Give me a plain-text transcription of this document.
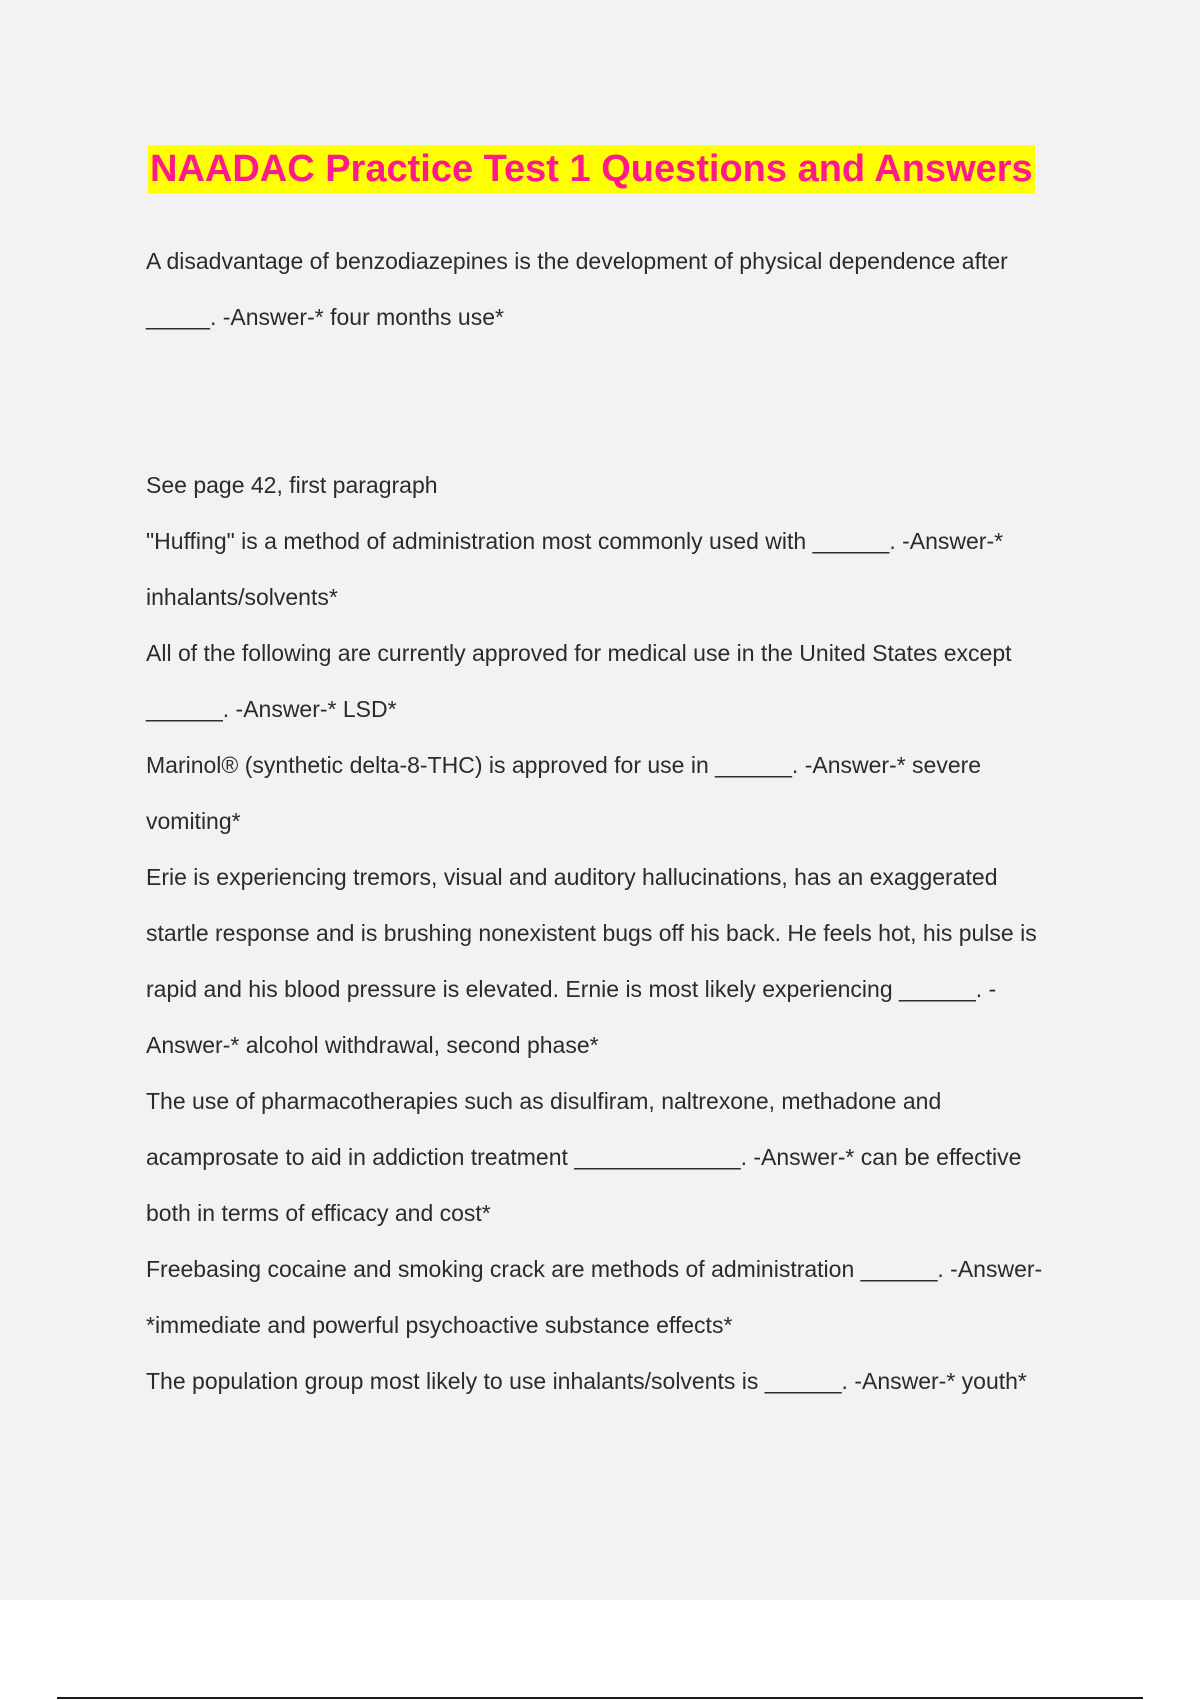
NAADAC Practice Test 1 Questions and Answers
A disadvantage of benzodiazepines is the development of physical dependence after
_____. -Answer-* four months use*
See page 42, first paragraph
"Huffing" is a method of administration most commonly used with ______. -Answer-*
inhalants/solvents*
All of the following are currently approved for medical use in the United States except
______. -Answer-* LSD*
Marinol® (synthetic delta-8-THC) is approved for use in ______. -Answer-* severe
vomiting*
Erie is experiencing tremors, visual and auditory hallucinations, has an exaggerated
startle response and is brushing nonexistent bugs off his back. He feels hot, his pulse is
rapid and his blood pressure is elevated. Ernie is most likely experiencing ______. -
Answer-* alcohol withdrawal, second phase*
The use of pharmacotherapies such as disulfiram, naltrexone, methadone and
acamprosate to aid in addiction treatment _____________. -Answer-* can be effective
both in terms of efficacy and cost*
Freebasing cocaine and smoking crack are methods of administration ______. -Answer-
*immediate and powerful psychoactive substance effects*
The population group most likely to use inhalants/solvents is ______. -Answer-* youth*
